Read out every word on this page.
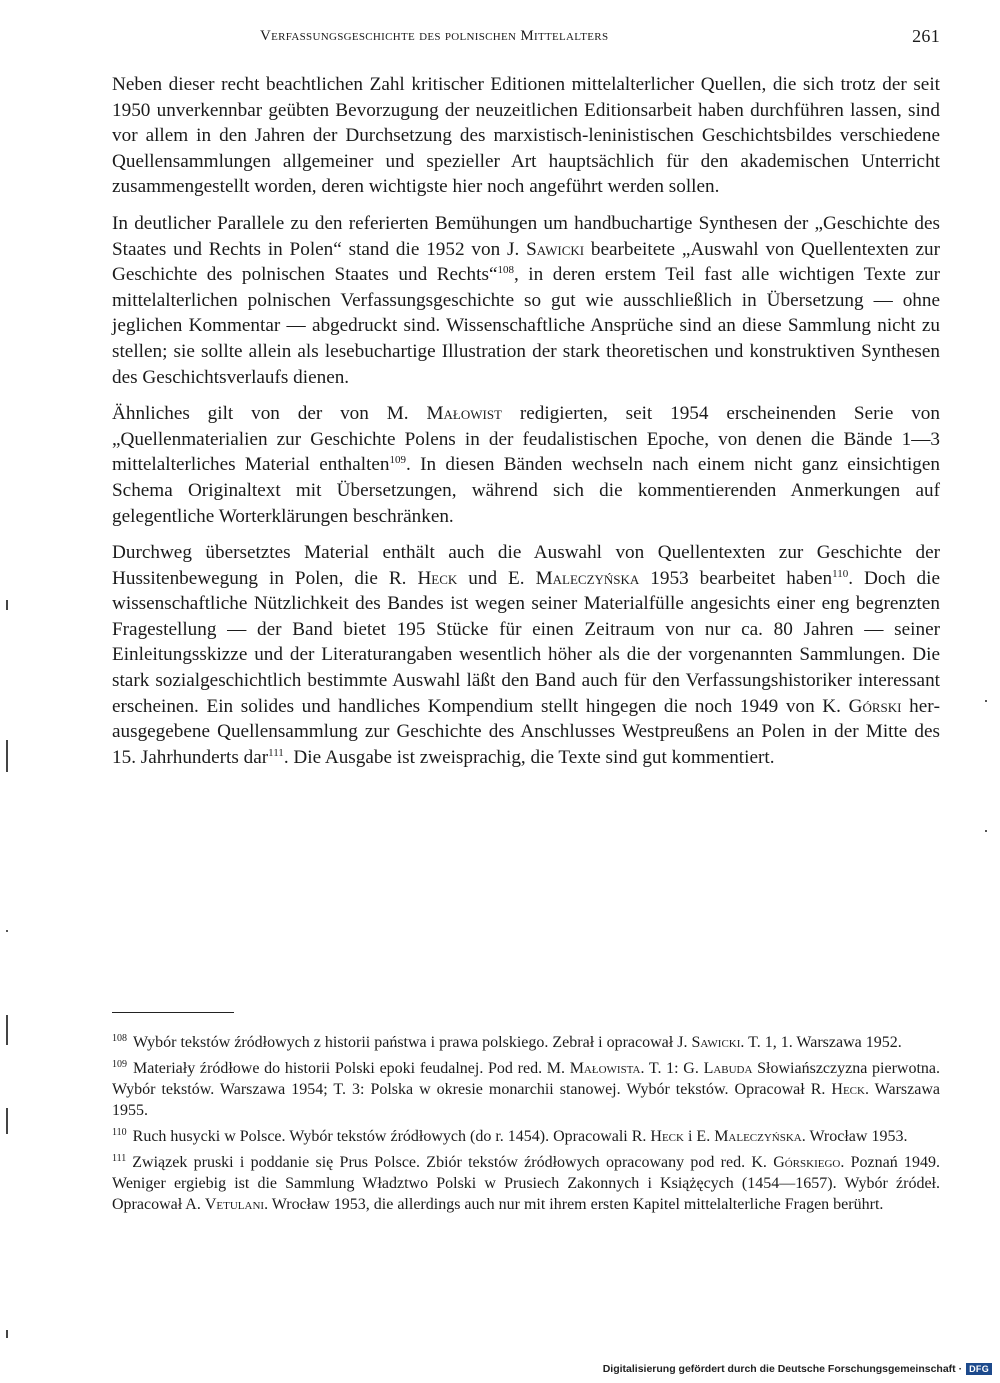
Verfassungsgeschichte des polnischen Mittelalters	261

Neben dieser recht beachtlichen Zahl kritischer Editionen mittelalterlicher Quellen, die sich trotz der seit 1950 unverkennbar geübten Bevorzugung der neuzeitlichen Editionsarbeit haben durchführen lassen, sind vor allem in den Jahren der Durchsetzung des marxistisch-leninistischen Geschichtsbildes verschiedene Quellensammlungen allgemeiner und spezieller Art hauptsächlich für den akademischen Unterricht zusammengestellt worden, deren wichtigste hier noch angeführt werden sollen.

In deutlicher Parallele zu den referierten Bemühungen um handbuchartige Synthesen der „Geschichte des Staates und Rechts in Polen“ stand die 1952 von J. Sawicki bearbeitete „Auswahl von Quellentexten zur Geschichte des polnischen Staates und Rechts“$^{108}$, in deren erstem Teil fast alle wichtigen Texte zur mittelalterlichen polnischen Verfassungsgeschichte so gut wie ausschließlich in Übersetzung — ohne jeglichen Kommentar — abgedruckt sind. Wissenschaftliche Ansprüche sind an diese Sammlung nicht zu stellen; sie sollte allein als lesebuchartige Illustration der stark theoretischen und konstruktiven Synthesen des Geschichtsverlaufs dienen.

Ähnliches gilt von der von M. Małowist redigierten, seit 1954 erscheinenden Serie von „Quellenmaterialien zur Geschichte Polens in der feudalistischen Epoche, von denen die Bände 1—3 mittelalterliches Material enthalten$^{109}$. In diesen Bänden wechseln nach einem nicht ganz einsichtigen Schema Originaltext mit Übersetzungen, während sich die kommentierenden Anmerkungen auf gelegentliche Worterklärungen beschränken.

Durchweg übersetztes Material enthält auch die Auswahl von Quellentexten zur Geschichte der Hussitenbewegung in Polen, die R. Heck und E. Maleczyńska 1953 bearbeitet haben$^{110}$. Doch die wissenschaftliche Nützlichkeit des Bandes ist wegen seiner Materialfülle angesichts einer eng begrenzten Fragestellung — der Band bietet 195 Stücke für einen Zeitraum von nur ca. 80 Jahren — seiner Einleitungsskizze und der Literaturangaben wesentlich höher als die der vorgenannten Sammlungen. Die stark sozialgeschichtlich bestimmte Auswahl läßt den Band auch für den Verfassungshistoriker interessant erscheinen. Ein solides und handliches Kompendium stellt hingegen die noch 1949 von K. Górski herausgegebene Quellensammlung zur Geschichte des Anschlusses Westpreußens an Polen in der Mitte des 15. Jahrhunderts dar$^{111}$. Die Ausgabe ist zweisprachig, die Texte sind gut kommentiert.

$^{108}$ Wybór tekstów źródłowych z historii państwa i prawa polskiego. Zebrał i opracował J. Sawicki. T. 1, 1. Warszawa 1952.
$^{109}$ Materiały źródłowe do historii Polski epoki feudalnej. Pod red. M. Małowista. T. 1: G. Labuda Słowiańszczyzna pierwotna. Wybór tekstów. Warszawa 1954; T. 3: Polska w okresie monarchii stanowej. Wybór tekstów. Opracował R. Heck. Warszawa 1955.
$^{110}$ Ruch husycki w Polsce. Wybór tekstów źródłowych (do r. 1454). Opracowali R. Heck i E. Maleczyńska. Wrocław 1953.
$^{111}$ Związek pruski i poddanie się Prus Polsce. Zbiór tekstów źródłowych opracowany pod red. K. Górskiego. Poznań 1949. Weniger ergiebig ist die Sammlung Władztwo Polski w Prusiech Zakonnych i Książęcych (1454—1657). Wybór źródeł. Opracował A. Vetulani. Wrocław 1953, die allerdings auch nur mit ihrem ersten Kapitel mittelalterliche Fragen berührt.
Digitalisierung gefördert durch die Deutsche Forschungsgemeinschaft · DFG
